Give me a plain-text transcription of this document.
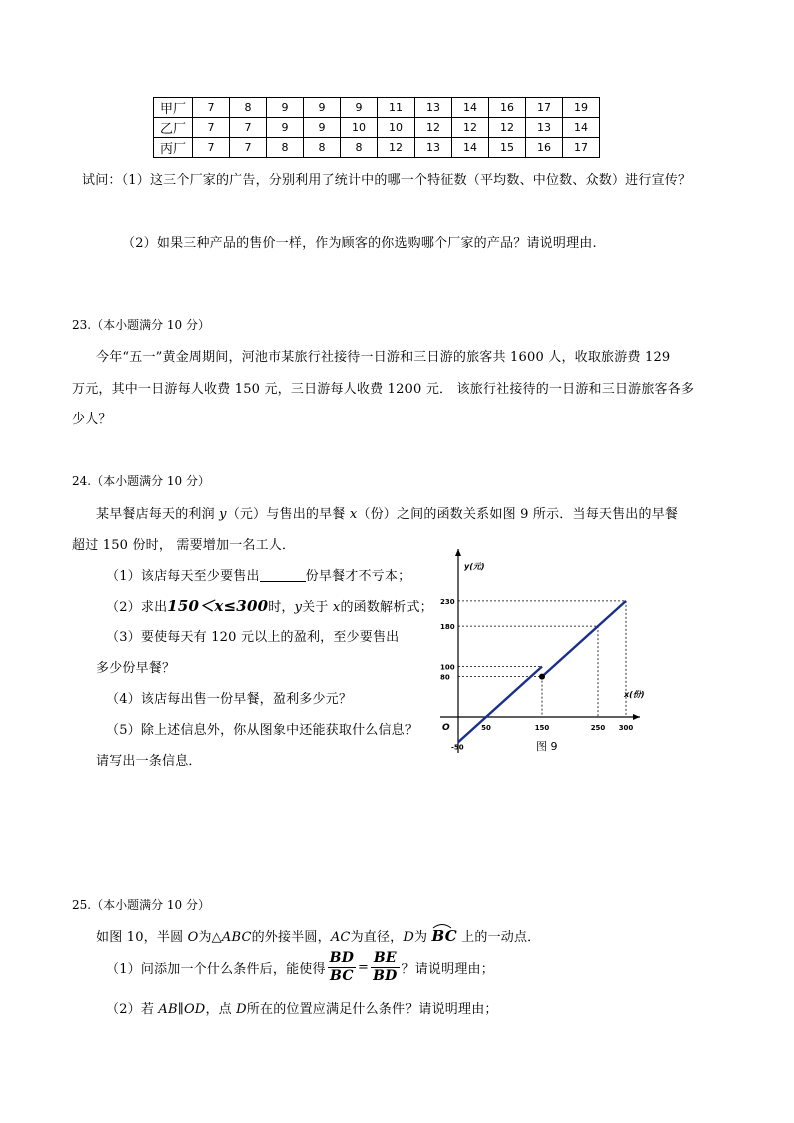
甲厂	7	8	9	9	9	11	13	14	16	17	19
乙厂	7	7	9	9	10	10	12	12	12	13	14
丙厂	7	7	8	8	8	12	13	14	15	16	17
试问：（1）这三个厂家的广告，分别利用了统计中的哪一个特征数（平均数、中位数、众数）进行宣传？
（2）如果三种产品的售价一样，作为顾客的你选购哪个厂家的产品？请说明理由.
23.（本小题满分 10 分）
今年“五一”黄金周期间，河池市某旅行社接待一日游和三日游的旅客共 1600 人，收取旅游费 129
万元，其中一日游每人收费 150 元，三日游每人收费 1200 元． 该旅行社接待的一日游和三日游旅客各多
少人？
24.（本小题满分 10 分）
某早餐店每天的利润 y（元）与售出的早餐 x（份）之间的函数关系如图 9 所示．当每天售出的早餐
超过 150 份时， 需要增加一名工人．
（1）该店每天至少要售出	份早餐才不亏本；
（2）求出150＜x≤300时，y关于 x的函数解析式；
（3）要使每天有 120 元以上的盈利，至少要售出
多少份早餐？
（4）该店每出售一份早餐，盈利多少元？
（5）除上述信息外，你从图象中还能获取什么信息？
请写出一条信息．
y(元)
x(份)
O
-50
80
100
180
230
50	150	250 300
图 9
25.（本小题满分 10 分）
如图 10，半圆 O为△ABC的外接半圆，AC为直径，D为 BC
上的一动点．
（1）问添加一个什么条件后，能使得 $\frac{BD}{BC} = \frac{BE}{BD}$ ？请说明理由；
（2）若 AB∥OD，点 D所在的位置应满足什么条件？请说明理由；
